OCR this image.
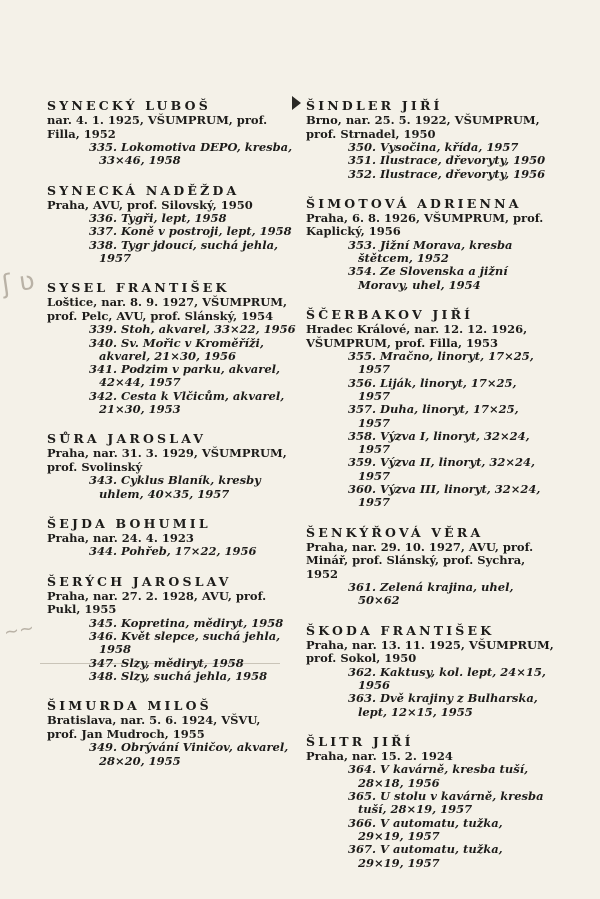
ʃ ʋ
~~
SYNECKÝ LUBOŠ
nar. 4. 1. 1925, VŠUMPRUM, prof.
Filla, 1952
335. Lokomotiva DEPO, kresba, 33×46, 1958
SYNECKÁ NADĚŽDA
Praha, AVU, prof. Silovský, 1950
336. Tygři, lept, 1958
337. Koně v postroji, lept, 1958
338. Tygr jdoucí, suchá jehla, 1957
SYSEL FRANTIŠEK
Loštice, nar. 8. 9. 1927, VŠUMPRUM,
prof. Pelc, AVU, prof. Slánský, 1954
339. Stoh, akvarel, 33×22, 1956
340. Sv. Mořic v Kroměříži, akvarel, 21×30, 1956
341. Podzim v parku, akvarel, 42×44, 1957
342. Cesta k Vlčicům, akvarel, 21×30, 1953
SŮRA JAROSLAV
Praha, nar. 31. 3. 1929, VŠUMPRUM,
prof. Svolinský
343. Cyklus Blaník, kresby uhlem, 40×35, 1957
ŠEJDA BOHUMIL
Praha, nar. 24. 4. 1923
344. Pohřeb, 17×22, 1956
ŠERÝCH JAROSLAV
Praha, nar. 27. 2. 1928, AVU, prof.
Pukl, 1955
345. Kopretina, mědiryt, 1958
346. Květ slepce, suchá jehla, 1958
347. Slzy, mědiryt, 1958
348. Slzy, suchá jehla, 1958
ŠIMURDA MILOŠ
Bratislava, nar. 5. 6. 1924, VŠVU,
prof. Jan Mudroch, 1955
349. Obrývání Viničov, akvarel, 28×20, 1955
ŠINDLER JIŘÍ
Brno, nar. 25. 5. 1922, VŠUMPRUM,
prof. Strnadel, 1950
350. Vysočina, křída, 1957
351. Ilustrace, dřevoryty, 1950
352. Ilustrace, dřevoryty, 1956
ŠIMOTOVÁ ADRIENNA
Praha, 6. 8. 1926, VŠUMPRUM, prof.
Kaplický, 1956
353. Jižní Morava, kresba štětcem, 1952
354. Ze Slovenska a jižní Moravy, uhel, 1954
ŠČERBAKOV JIŘÍ
Hradec Králové, nar. 12. 12. 1926,
VŠUMPRUM, prof. Filla, 1953
355. Mračno, linoryt, 17×25, 1957
356. Liják, linoryt, 17×25, 1957
357. Duha, linoryt, 17×25, 1957
358. Výzva I, linoryt, 32×24, 1957
359. Výzva II, linoryt, 32×24, 1957
360. Výzva III, linoryt, 32×24, 1957
ŠENKÝŘOVÁ VĚRA
Praha, nar. 29. 10. 1927, AVU, prof.
Minář, prof. Slánský, prof. Sychra,
1952
361. Zelená krajina, uhel, 50×62
ŠKODA FRANTIŠEK
Praha, nar. 13. 11. 1925, VŠUMPRUM,
prof. Sokol, 1950
362. Kaktusy, kol. lept, 24×15, 1956
363. Dvě krajiny z Bulharska, lept, 12×15, 1955
ŠLITR JIŘÍ
Praha, nar. 15. 2. 1924
364. V kavárně, kresba tuší, 28×18, 1956
365. U stolu v kavárně, kresba tuší, 28×19, 1957
366. V automatu, tužka, 29×19, 1957
367. V automatu, tužka, 29×19, 1957
